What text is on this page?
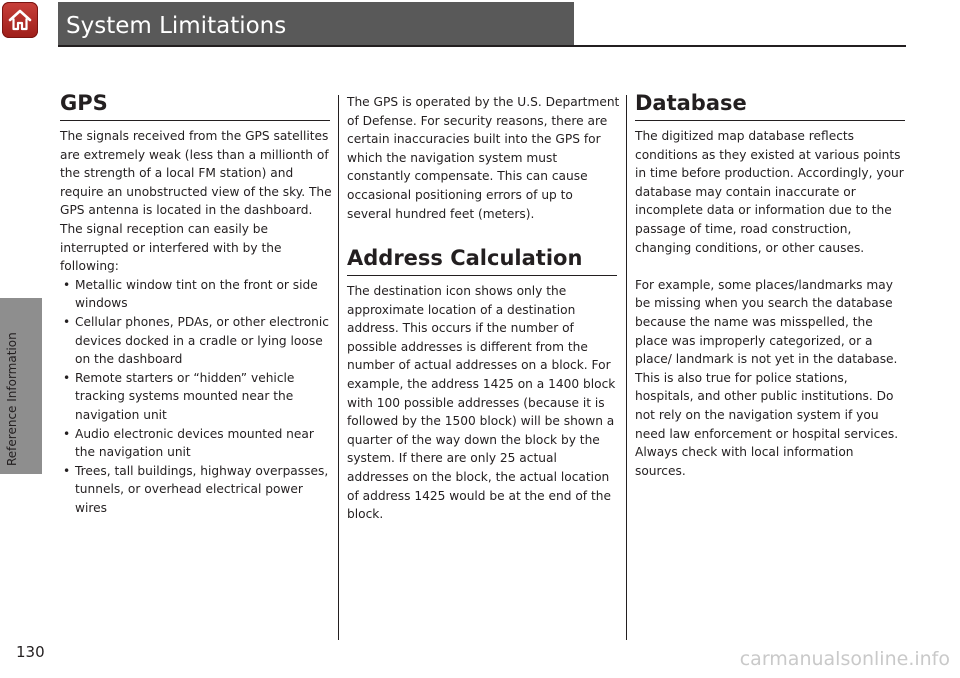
System Limitations
Reference Information
GPS

The signals received from the GPS satellites are extremely weak (less than a millionth of the strength of a local FM station) and require an unobstructed view of the sky. The GPS antenna is located in the dashboard. The signal reception can easily be interrupted or interfered with by the following:

• Metallic window tint on the front or side windows
• Cellular phones, PDAs, or other electronic devices docked in a cradle or lying loose on the dashboard
• Remote starters or “hidden” vehicle tracking systems mounted near the navigation unit
• Audio electronic devices mounted near the navigation unit
• Trees, tall buildings, highway overpasses, tunnels, or overhead electrical power wires

The GPS is operated by the U.S. Department of Defense. For security reasons, there are certain inaccuracies built into the GPS for which the navigation system must constantly compensate. This can cause occasional positioning errors of up to several hundred feet (meters).

Address Calculation

The destination icon shows only the approximate location of a destination address. This occurs if the number of possible addresses is different from the number of actual addresses on a block. For example, the address 1425 on a 1400 block with 100 possible addresses (because it is followed by the 1500 block) will be shown a quarter of the way down the block by the system. If there are only 25 actual addresses on the block, the actual location of address 1425 would be at the end of the block.

Database

The digitized map database reflects conditions as they existed at various points in time before production. Accordingly, your database may contain inaccurate or incomplete data or information due to the passage of time, road construction, changing conditions, or other causes.

For example, some places/landmarks may be missing when you search the database because the name was misspelled, the place was improperly categorized, or a place/ landmark is not yet in the database. This is also true for police stations, hospitals, and other public institutions. Do not rely on the navigation system if you need law enforcement or hospital services. Always check with local information sources.

130	carmanualsonline.info
